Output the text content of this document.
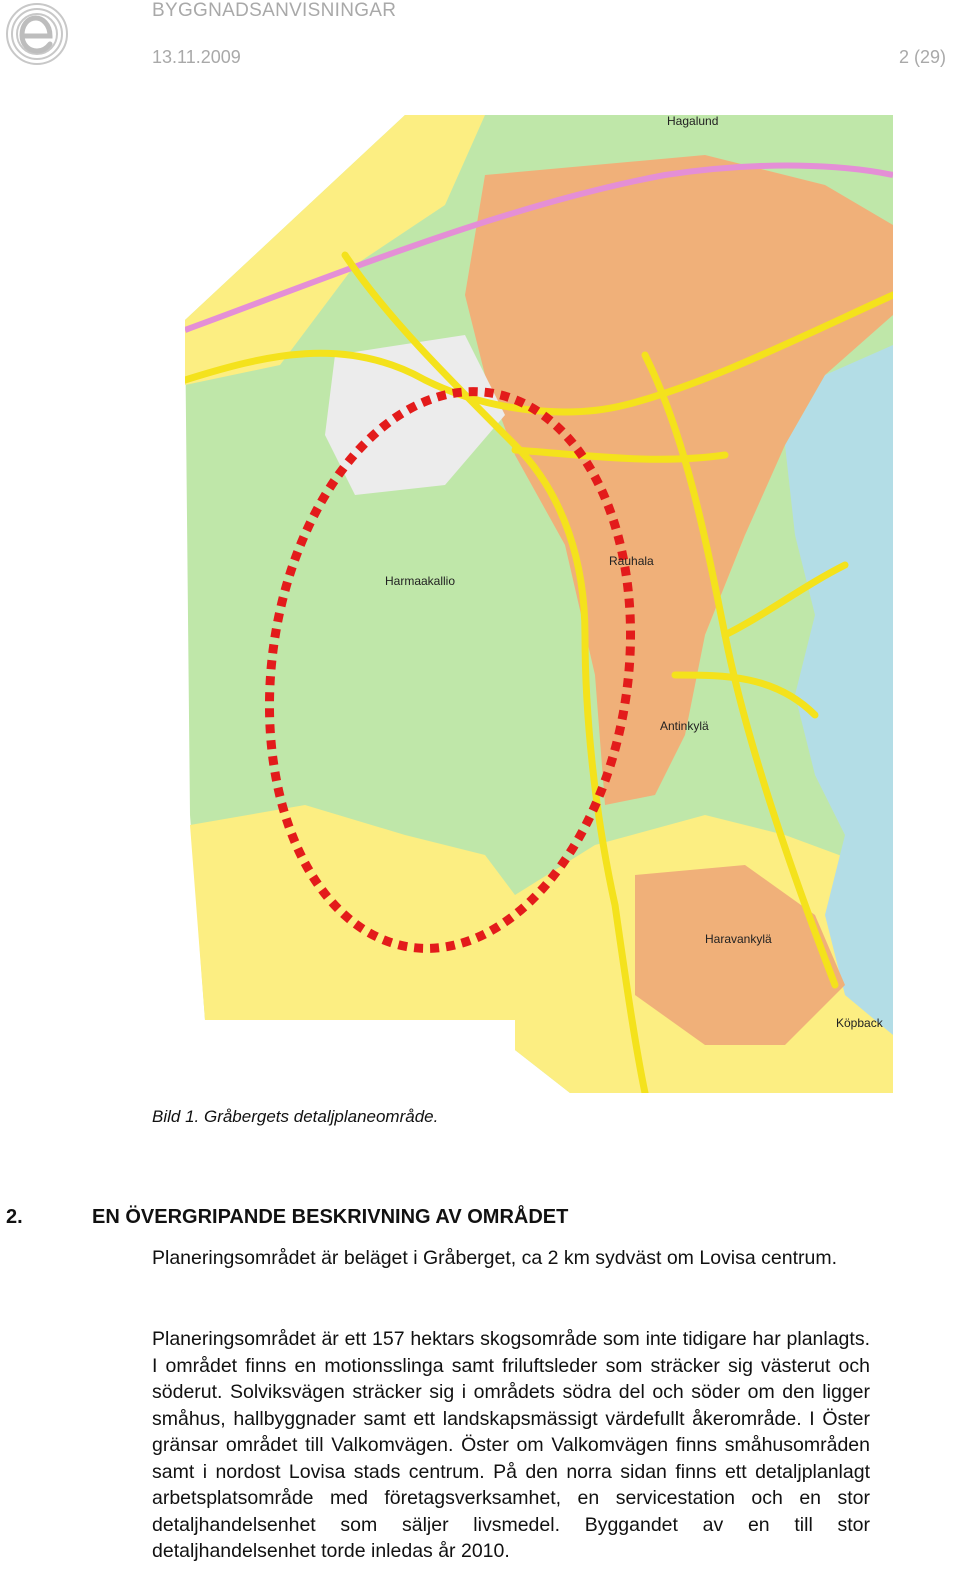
BYGGNADSANVISNINGAR
13.11.2009	2 (29)
Hagalund
Harmaakallio
Rauhala
Antinkylä
Haravankylä
Köpback
Bild 1. Gråbergets detaljplaneområde.
2.	EN ÖVERGRIPANDE BESKRIVNING AV OMRÅDET

Planeringsområdet är beläget i Gråberget, ca 2 km sydväst om Lovisa centrum.

Planeringsområdet är ett 157 hektars skogsområde som inte tidigare har planlagts. I området finns en motionsslinga samt friluftsleder som sträcker sig västerut och söderut. Solviksvägen sträcker sig i områdets södra del och söder om den ligger småhus, hallbyggnader samt ett landskapsmässigt värdefullt åkerområde. I Öster gränsar området till Valkomvägen. Öster om Valkomvägen finns småhusområden samt i nordost Lovisa stads centrum. På den norra sidan finns ett detaljplanlagt arbetsplatsområde med företagsverksamhet, en servicestation och en stor detaljhandelsenhet som säljer livsmedel. Byggandet av en till stor detaljhandelsenhet torde inledas år 2010.
